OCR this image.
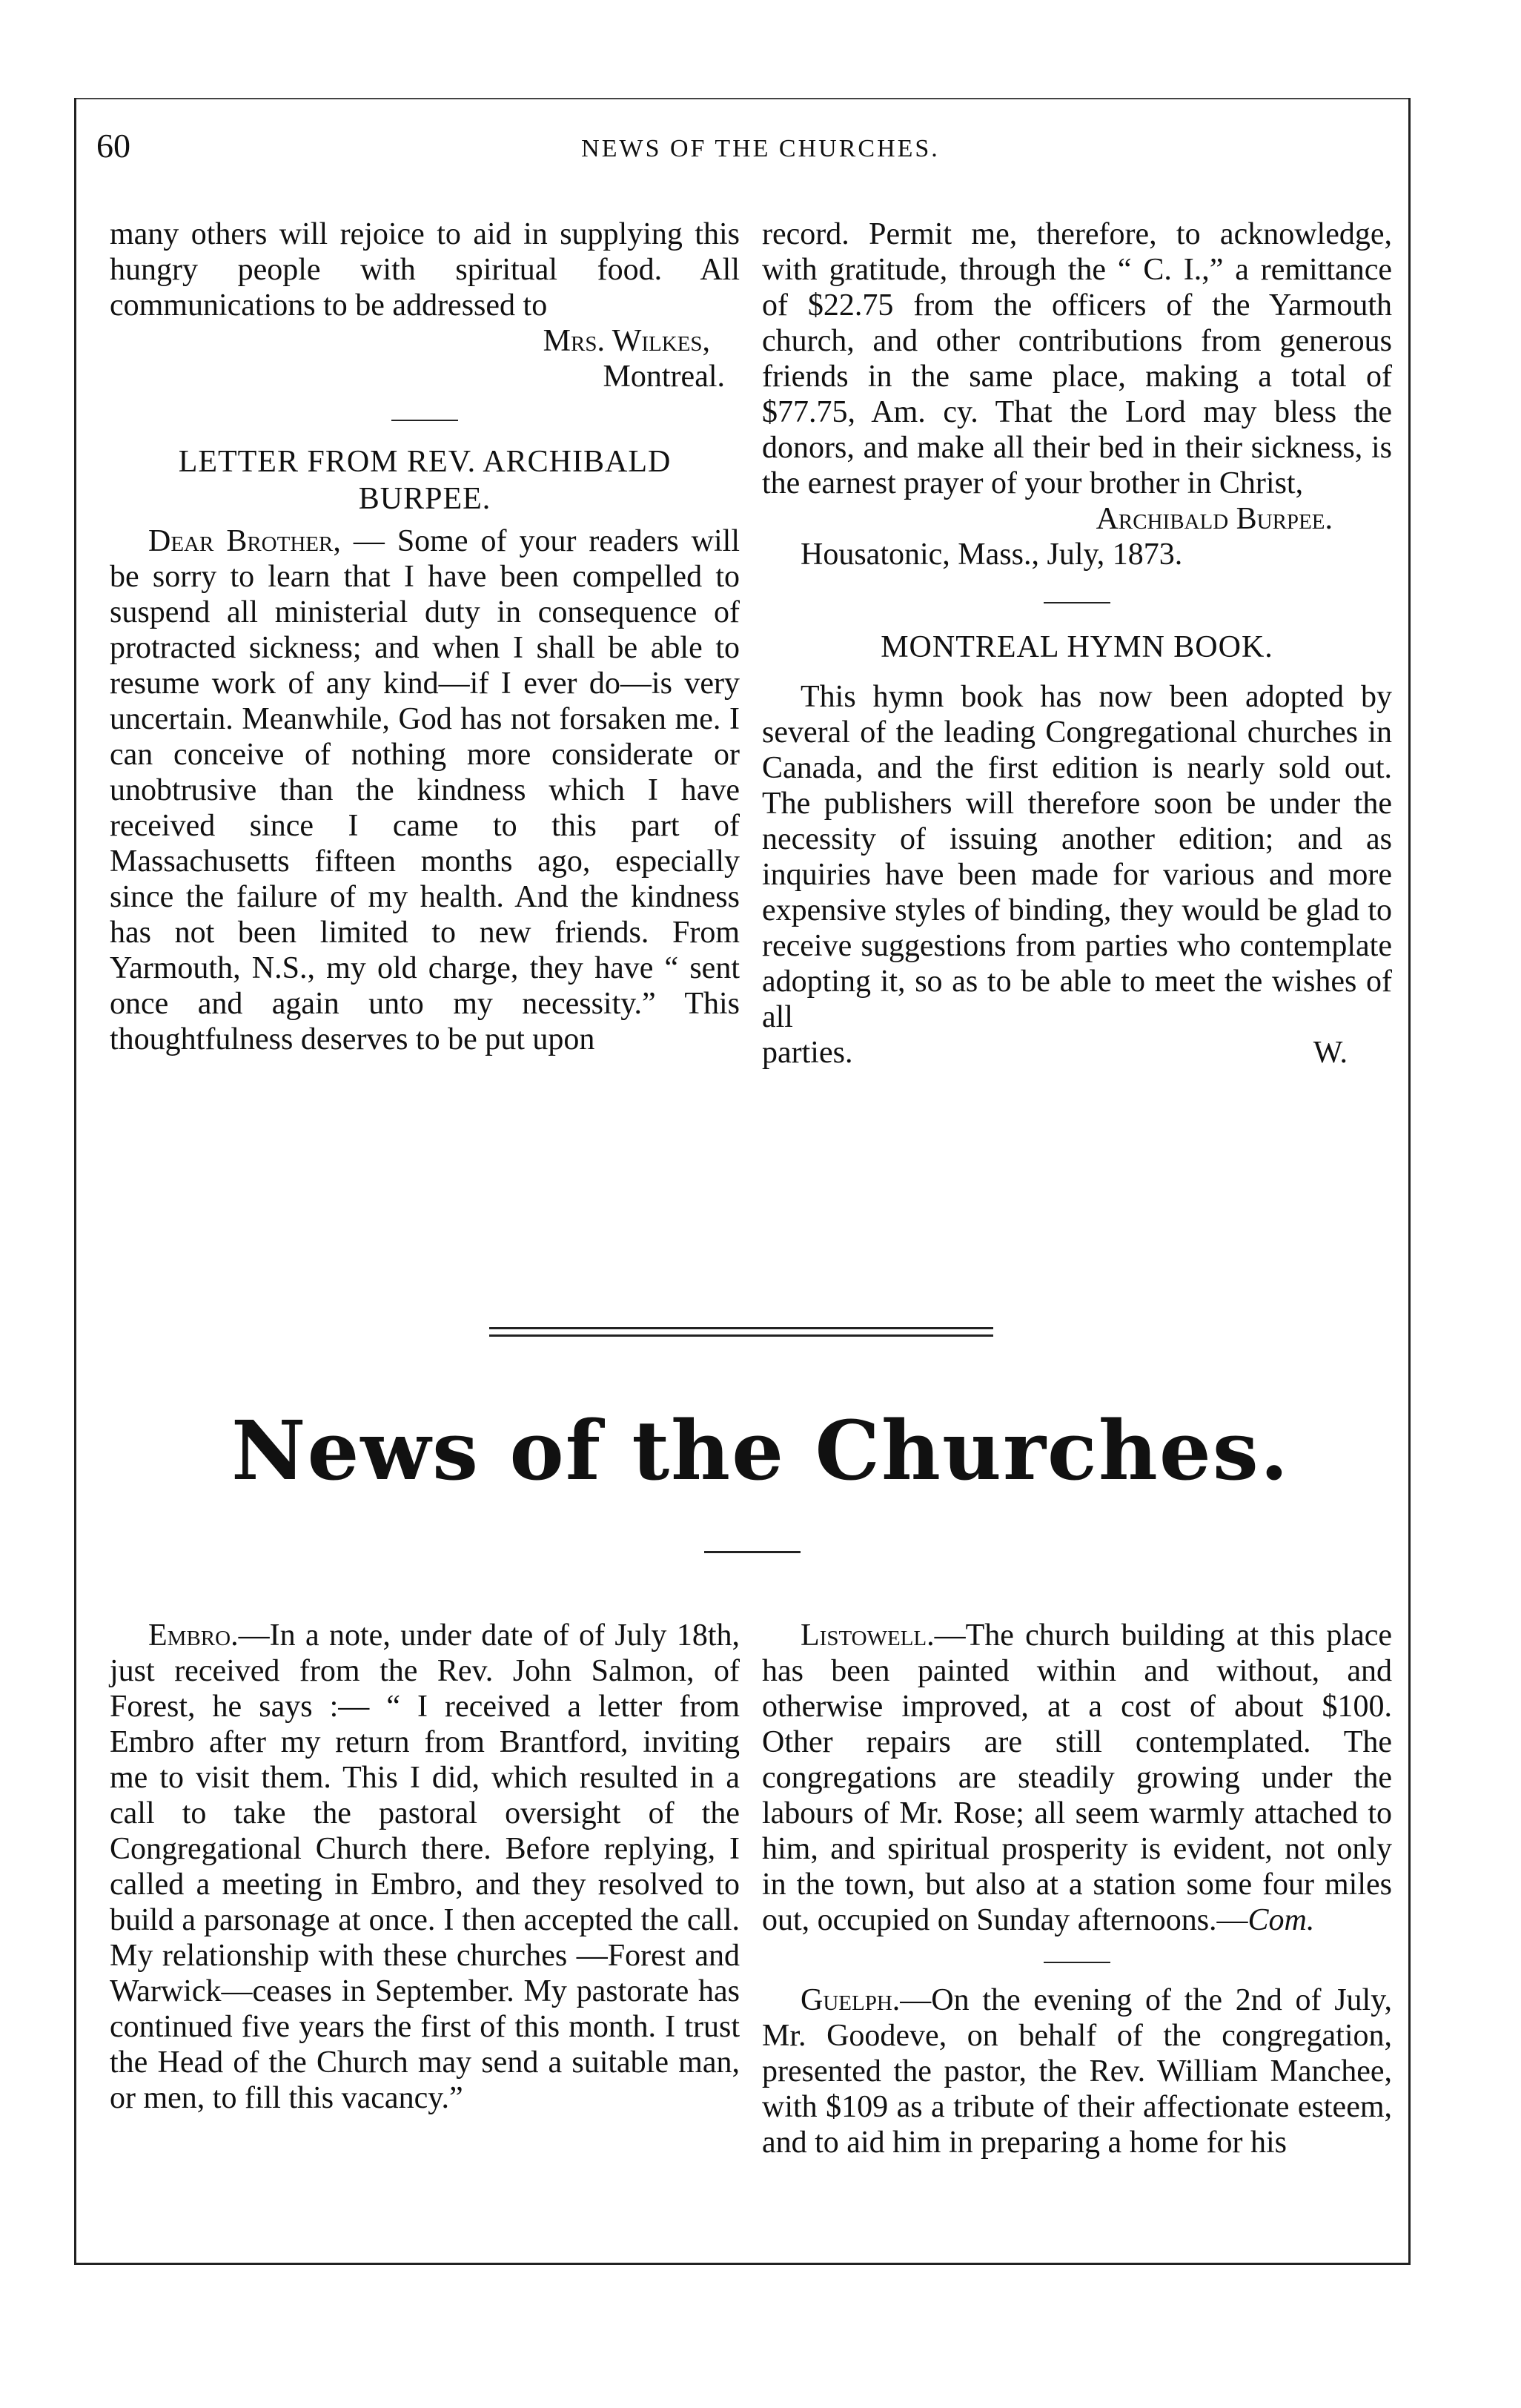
60	NEWS OF THE CHURCHES.

many others will rejoice to aid in supplying this hungry people with spiritual food. All communications to be addressed to

Mrs. Wilkes,

Montreal.

LETTER FROM REV. ARCHIBALD BURPEE.

Dear Brother, — Some of your readers will be sorry to learn that I have been compelled to suspend all ministerial duty in consequence of protracted sickness; and when I shall be able to resume work of any kind—if I ever do—is very uncertain. Meanwhile, God has not forsaken me. I can conceive of nothing more considerate or unobtrusive than the kindness which I have received since I came to this part of Massachusetts fifteen months ago, especially since the failure of my health. And the kindness has not been limited to new friends. From Yarmouth, N.S., my old charge, they have “ sent once and again unto my necessity.” This thoughtfulness deserves to be put upon

record. Permit me, therefore, to acknowledge, with gratitude, through the “ C. I.,” a remittance of $22.75 from the officers of the Yarmouth church, and other contributions from generous friends in the same place, making a total of $77.75, Am. cy. That the Lord may bless the donors, and make all their bed in their sickness, is the earnest prayer of your brother in Christ,

Archibald Burpee.

Housatonic, Mass., July, 1873.

MONTREAL HYMN BOOK.

This hymn book has now been adopted by several of the leading Congregational churches in Canada, and the first edition is nearly sold out. The publishers will therefore soon be under the necessity of issuing another edition; and as inquiries have been made for various and more expensive styles of binding, they would be glad to receive suggestions from parties who contemplate adopting it, so as to be able to meet the wishes of all

parties.	W.
News of the Churches.

Embro.—In a note, under date of of July 18th, just received from the Rev. John Salmon, of Forest, he says :— “ I received a letter from Embro after my return from Brantford, inviting me to visit them. This I did, which resulted in a call to take the pastoral oversight of the Congregational Church there. Before replying, I called a meeting in Embro, and they resolved to build a parsonage at once. I then accepted the call. My relationship with these churches —Forest and Warwick—ceases in September. My pastorate has continued five years the first of this month. I trust the Head of the Church may send a suitable man, or men, to fill this vacancy.”

Listowell.—The church building at this place has been painted within and without, and otherwise improved, at a cost of about $100. Other repairs are still contemplated. The congregations are steadily growing under the labours of Mr. Rose; all seem warmly attached to him, and spiritual prosperity is evident, not only in the town, but also at a station some four miles out, occupied on Sunday afternoons.—Com.

Guelph.—On the evening of the 2nd of July, Mr. Goodeve, on behalf of the congregation, presented the pastor, the Rev. William Manchee, with $109 as a tribute of their affectionate esteem, and to aid him in preparing a home for his
